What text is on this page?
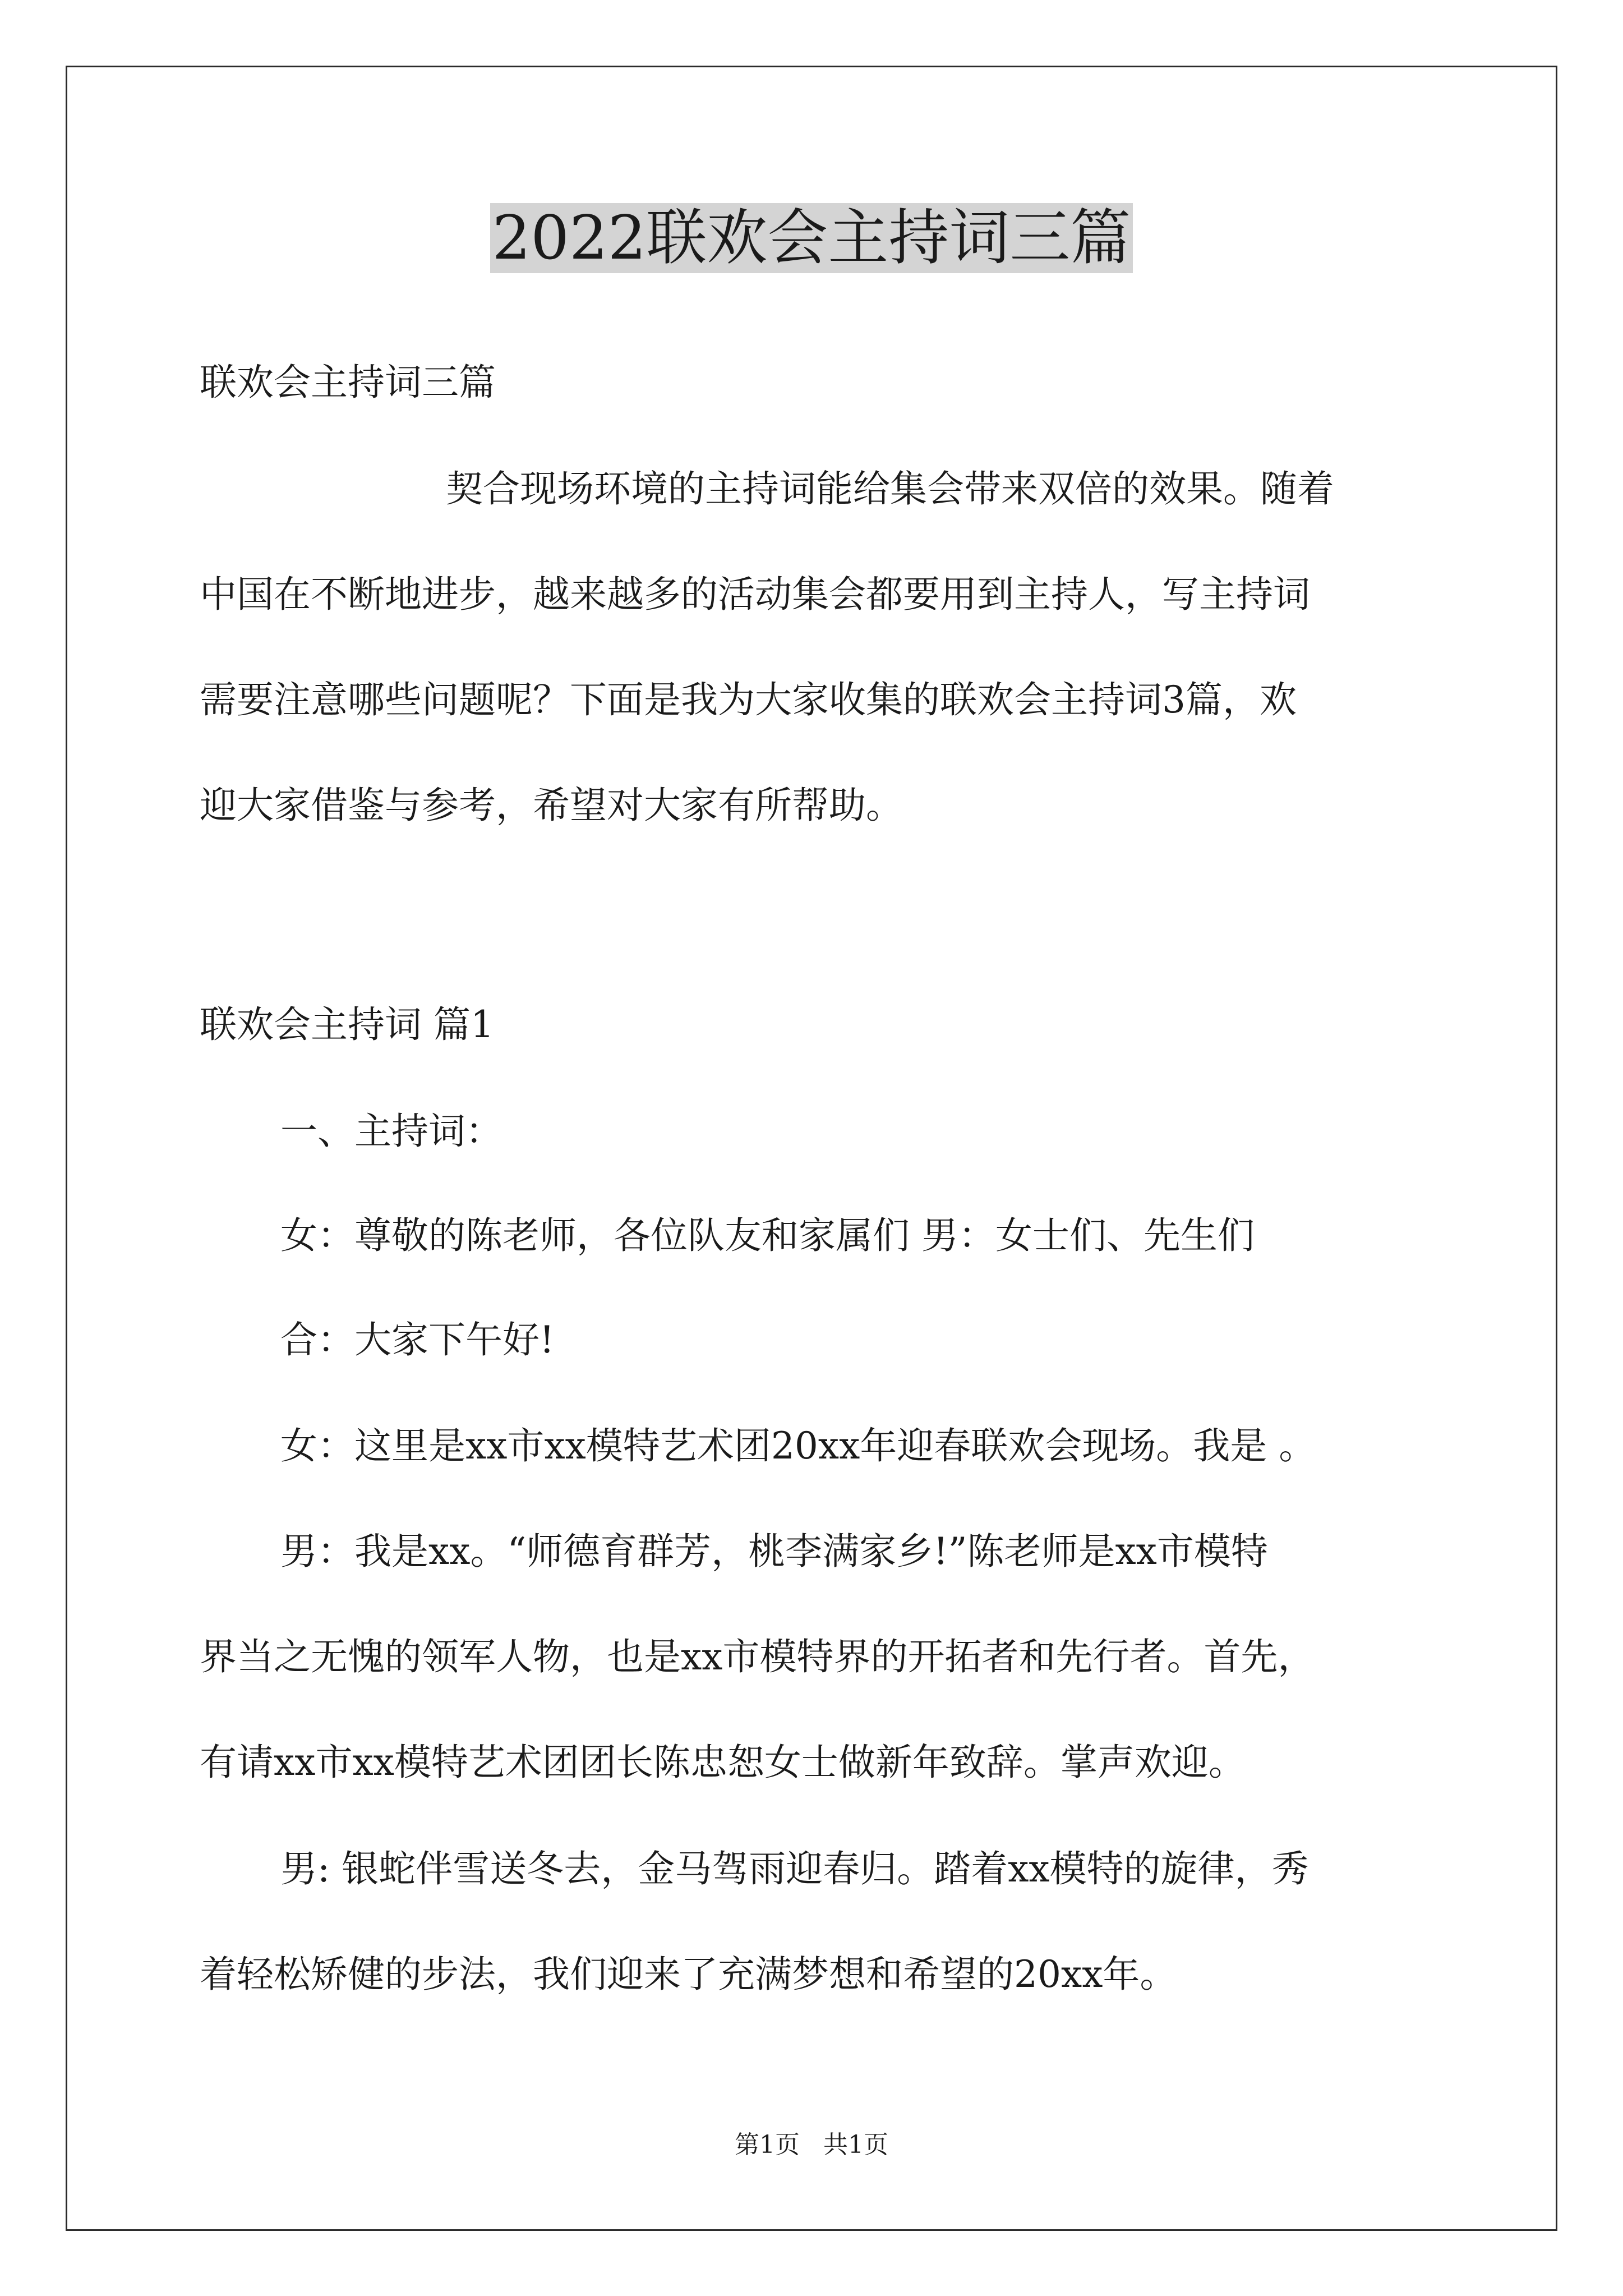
2022联欢会主持词三篇
联欢会主持词三篇
契合现场环境的主持词能给集会带来双倍的效果。随着
中国在不断地进步，越来越多的活动集会都要用到主持人，写主持词
需要注意哪些问题呢？下面是我为大家收集的联欢会主持词3篇，欢
迎大家借鉴与参考，希望对大家有所帮助。
联欢会主持词 篇1
一、主持词：
女：尊敬的陈老师，各位队友和家属们 男：女士们、先生们
合：大家下午好!
女：这里是xx市xx模特艺术团20xx年迎春联欢会现场。我是 。
男：我是xx。“师德育群芳，桃李满家乡!”陈老师是xx市模特
界当之无愧的领军人物，也是xx市模特界的开拓者和先行者。首先，
有请xx市xx模特艺术团团长陈忠恕女士做新年致辞。掌声欢迎。
男: 银蛇伴雪送冬去，金马驾雨迎春归。踏着xx模特的旋律，秀
着轻松矫健的步法，我们迎来了充满梦想和希望的20xx年。
第1页   共1页
